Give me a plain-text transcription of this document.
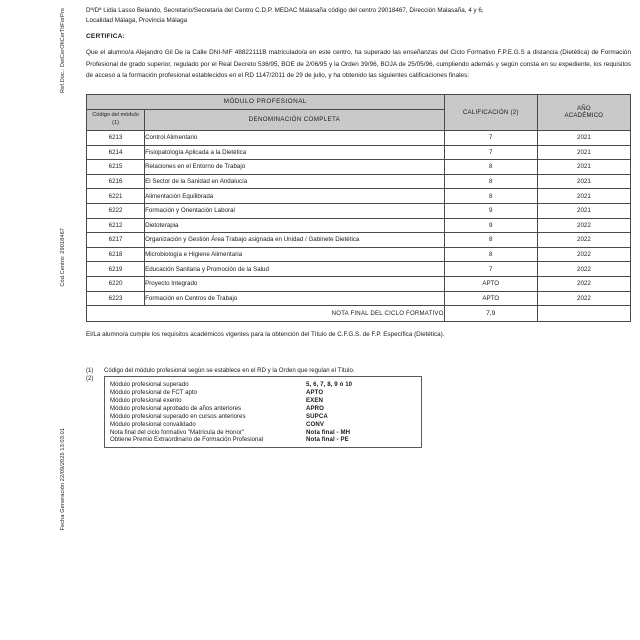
Ref.Doc.: DetCerOfiCerTitForPro
Cód.Centro: 29018467
Fecha Generación 22/09/2025 13:03:01
Dª/Dª Lidia Lasso Belando, Secretario/Secretaria del Centro C.D.P. MEDAC Malasaña código del centro 29018467, Dirección Malasaña, 4 y 6,
Localidad Málaga, Provincia Málaga
CERTIFICA:
Que el alumno/a Alejandro Gil De la Calle DNI-NIF 48822111B matriculado/a en este centro, ha superado las enseñanzas del Ciclo Formativo F.P.E.G.S a distancia (Dietética) de Formación Profesional de grado superior, regulado por el Real Decreto 536/95, BOE de 2/06/95 y la Orden 39/96, BOJA de 25/05/96, cumpliendo además y según consta en su expediente, los requisitos de acceso a la formación profesional establecidos en el RD 1147/2011 de 29 de julio, y ha obtenido las siguientes calificaciones finales:
MÓDULO PROFESIONAL		CALIFICACIÓN (2)	AÑO
ACADÉMICO

Código del módulo
(1)	DENOMINACIÓN COMPLETA		
6213	Control Alimentario	7	2021
6214	Fisiopatología Aplicada a la Dietética	7	2021
6215	Relaciones en el Entorno de Trabajo	8	2021
6216	El Sector de la Sanidad en Andalucía	8	2021
6221	Alimentación Equilibrada	8	2021
6222	Formación y Orientación Laboral	9	2021
6212	Dietoterapia	9	2022
6217	Organización y Gestión Área Trabajo asignada en Unidad / Gabinete Dietética	8	2022
6218	Microbiología e Higiene Alimentaria	8	2022
6219	Educación Sanitaria y Promoción de la Salud	7	2022
6220	Proyecto Integrado	APTO	2022
6223	Formación en Centros de Trabajo	APTO	2022
NOTA FINAL DEL CICLO FORMATIVO		7,9	
El/La alumno/a cumple los requisitos académicos vigentes para la obtención del Título de C.F.G.S. de F.P. Específica (Dietética).
(1) Código del módulo profesional según se establece en el RD y la Orden que regulan el Título.
(2)
Módulo profesional superado	5, 6, 7, 8, 9 ó 10
Módulo profesional de FCT apto	APTO
Módulo profesional exento	EXEN
Módulo profesional aprobado de años anteriores	APRO
Módulo profesional superado en cursos anteriores	SUPCA
Módulo profesional convalidado	CONV
Nota final del ciclo formativo "Matrícula de Honor"	Nota final - MH
Obtiene Premio Extraordinario de Formación Profesional	Nota final - PE
